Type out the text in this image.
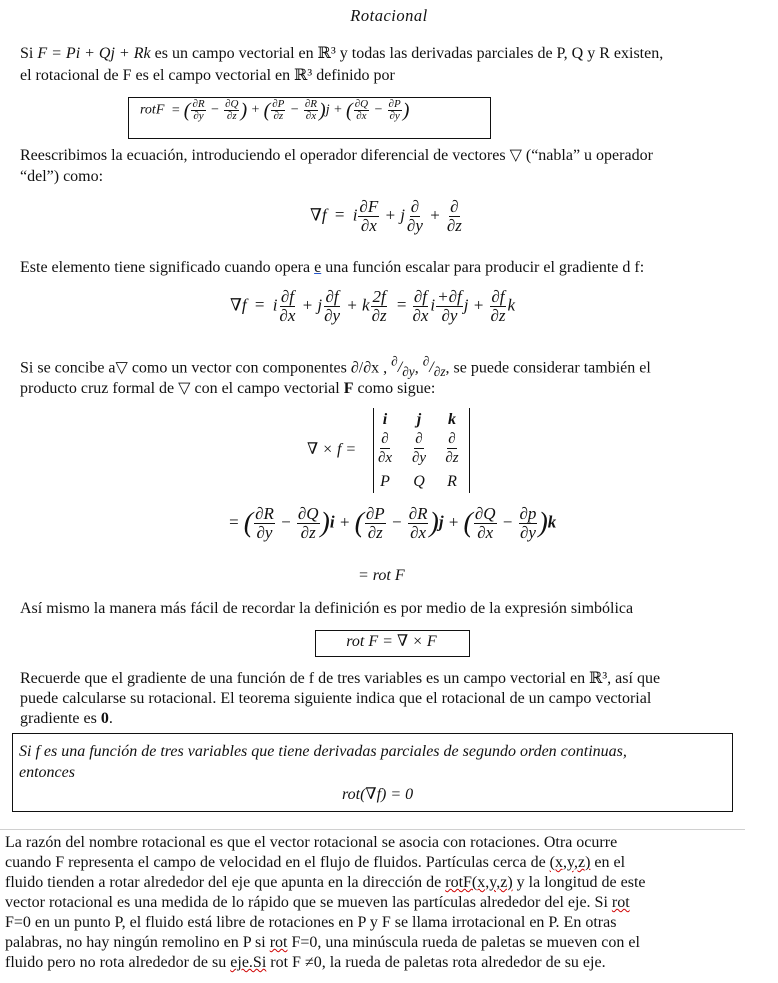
Rotacional
Si F = Pi + Qj + Rk es un campo vectorial en ℝ³ y todas las derivadas parciales de P, Q y R existen,
el rotacional de F es el campo vectorial en ℝ³ definido por
rotF = ( $\frac{\partial R}{\partial y} - \frac{\partial Q}{\partial z}$ ) + ( $\frac{\partial P}{\partial z} - \frac{\partial R}{\partial x} )j$ + ( $\frac{\partial Q}{\partial x} - \frac{\partial P}{\partial y}$ )
Reescribimos la ecuación, introduciendo el operador diferencial de vectores ▽ (“nabla” u operador
“del”) como:
∇f = i $\frac{\partial F}{\partial x} + j \frac{\partial}{\partial y} + \frac{\partial}{\partial z}$
Este elemento tiene significado cuando opera e una función escalar para producir el gradiente d f:
∇f = i $\frac{\partial f}{\partial x} + j \frac{\partial f}{\partial y} + k \frac{2f}{\partial z} = \frac{\partial f}{\partial x}$ i $\frac{+\partial f}{\partial y}$ $j + \frac{\partial f}{\partial z}$ k
Si se concibe a▽ como un vector con componentes ∂/∂x , $^\partial/_{\partial y}$, $^\partial/_{\partial z}$, se puede considerar también el
producto cruz formal de ▽ con el campo vectorial F como sigue:
∇ × f =
i	j	k
$\frac{\partial}{\partial x} \frac{\partial}{\partial y} \frac{\partial}{\partial z}$
P	Q	R
= ( $\frac{\partial R}{\partial y} - \frac{\partial Q}{\partial z} )i$ + ( $\frac{\partial P}{\partial z} - \frac{\partial R}{\partial x} )j$ + ( $\frac{\partial Q}{\partial x} - \frac{\partial p}{\partial y} )k$
= rot F
Así mismo la manera más fácil de recordar la definición es por medio de la expresión simbólica
rot F = ∇ × F
Recuerde que el gradiente de una función de f de tres variables es un campo vectorial en ℝ³, así que
puede calcularse su rotacional. El teorema siguiente indica que el rotacional de un campo vectorial
gradiente es 0.
Si f es una función de tres variables que tiene derivadas parciales de segundo orden continuas,
entonces
rot(∇f) = 0
La razón del nombre rotacional es que el vector rotacional se asocia con rotaciones. Otra ocurre
cuando F representa el campo de velocidad en el flujo de fluidos. Partículas cerca de (x,y,z) en el
fluido tienden a rotar alrededor del eje que apunta en la dirección de rotF(x,y,z) y la longitud de este
vector rotacional es una medida de lo rápido que se mueven las partículas alrededor del eje. Si rot
F=0 en un punto P, el fluido está libre de rotaciones en P y F se llama irrotacional en P. En otras
palabras, no hay ningún remolino en P si rot F=0, una minúscula rueda de paletas se mueven con el
fluido pero no rota alrededor de su eje.Si rot F ≠0, la rueda de paletas rota alrededor de su eje.
